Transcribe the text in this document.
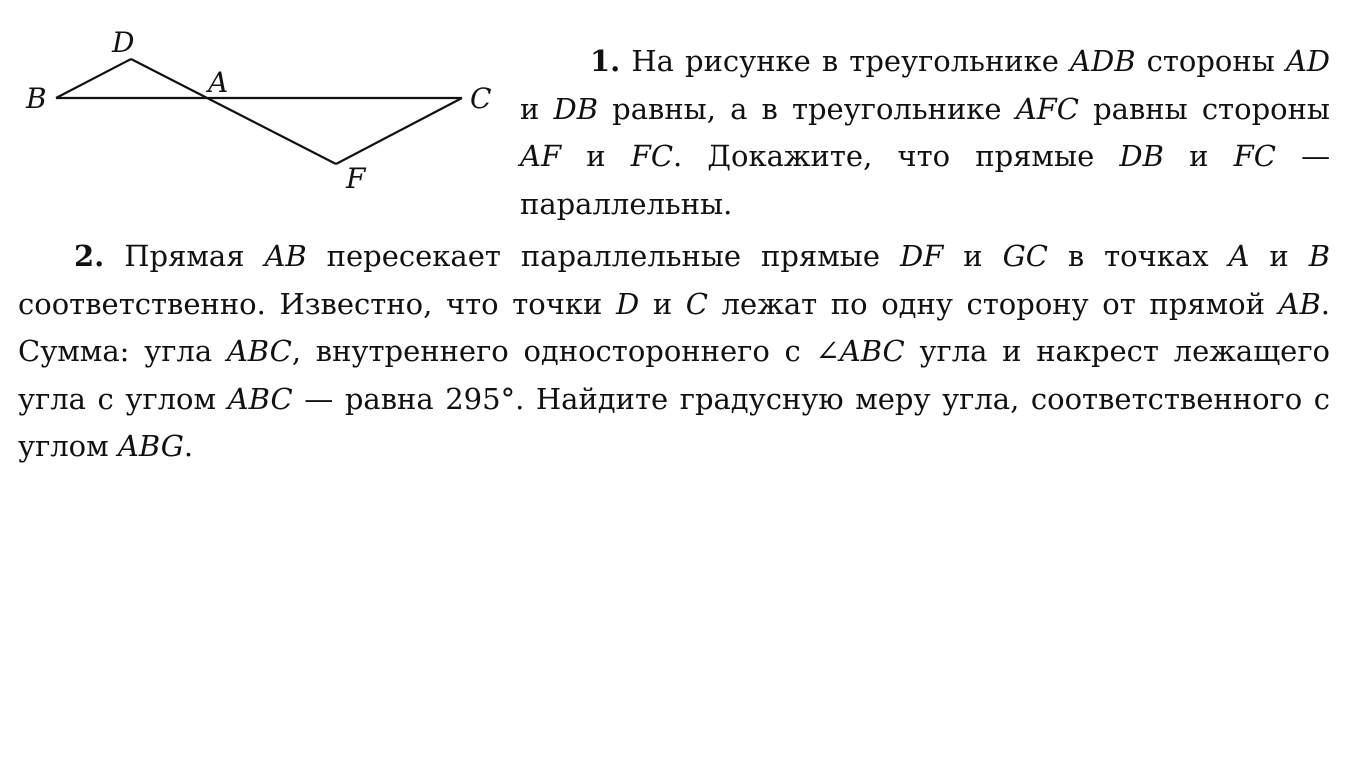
D
B	A	C
F

1. На рисунке в треугольнике ADB стороны AD и DB равны, а в треугольнике AFC равны стороны AF и FC. Докажите, что прямые DB и FC — параллельны.

2. Прямая AB пересекает параллельные прямые DF и GC в точках A и B соответственно. Известно, что точки D и C лежат по одну сторону от прямой AB. Сумма: угла ABC, внутреннего одностороннего с ∠ABC угла и накрест лежащего угла с углом ABC — равна 295°. Найдите градусную меру угла, соответственного с углом ABG.
